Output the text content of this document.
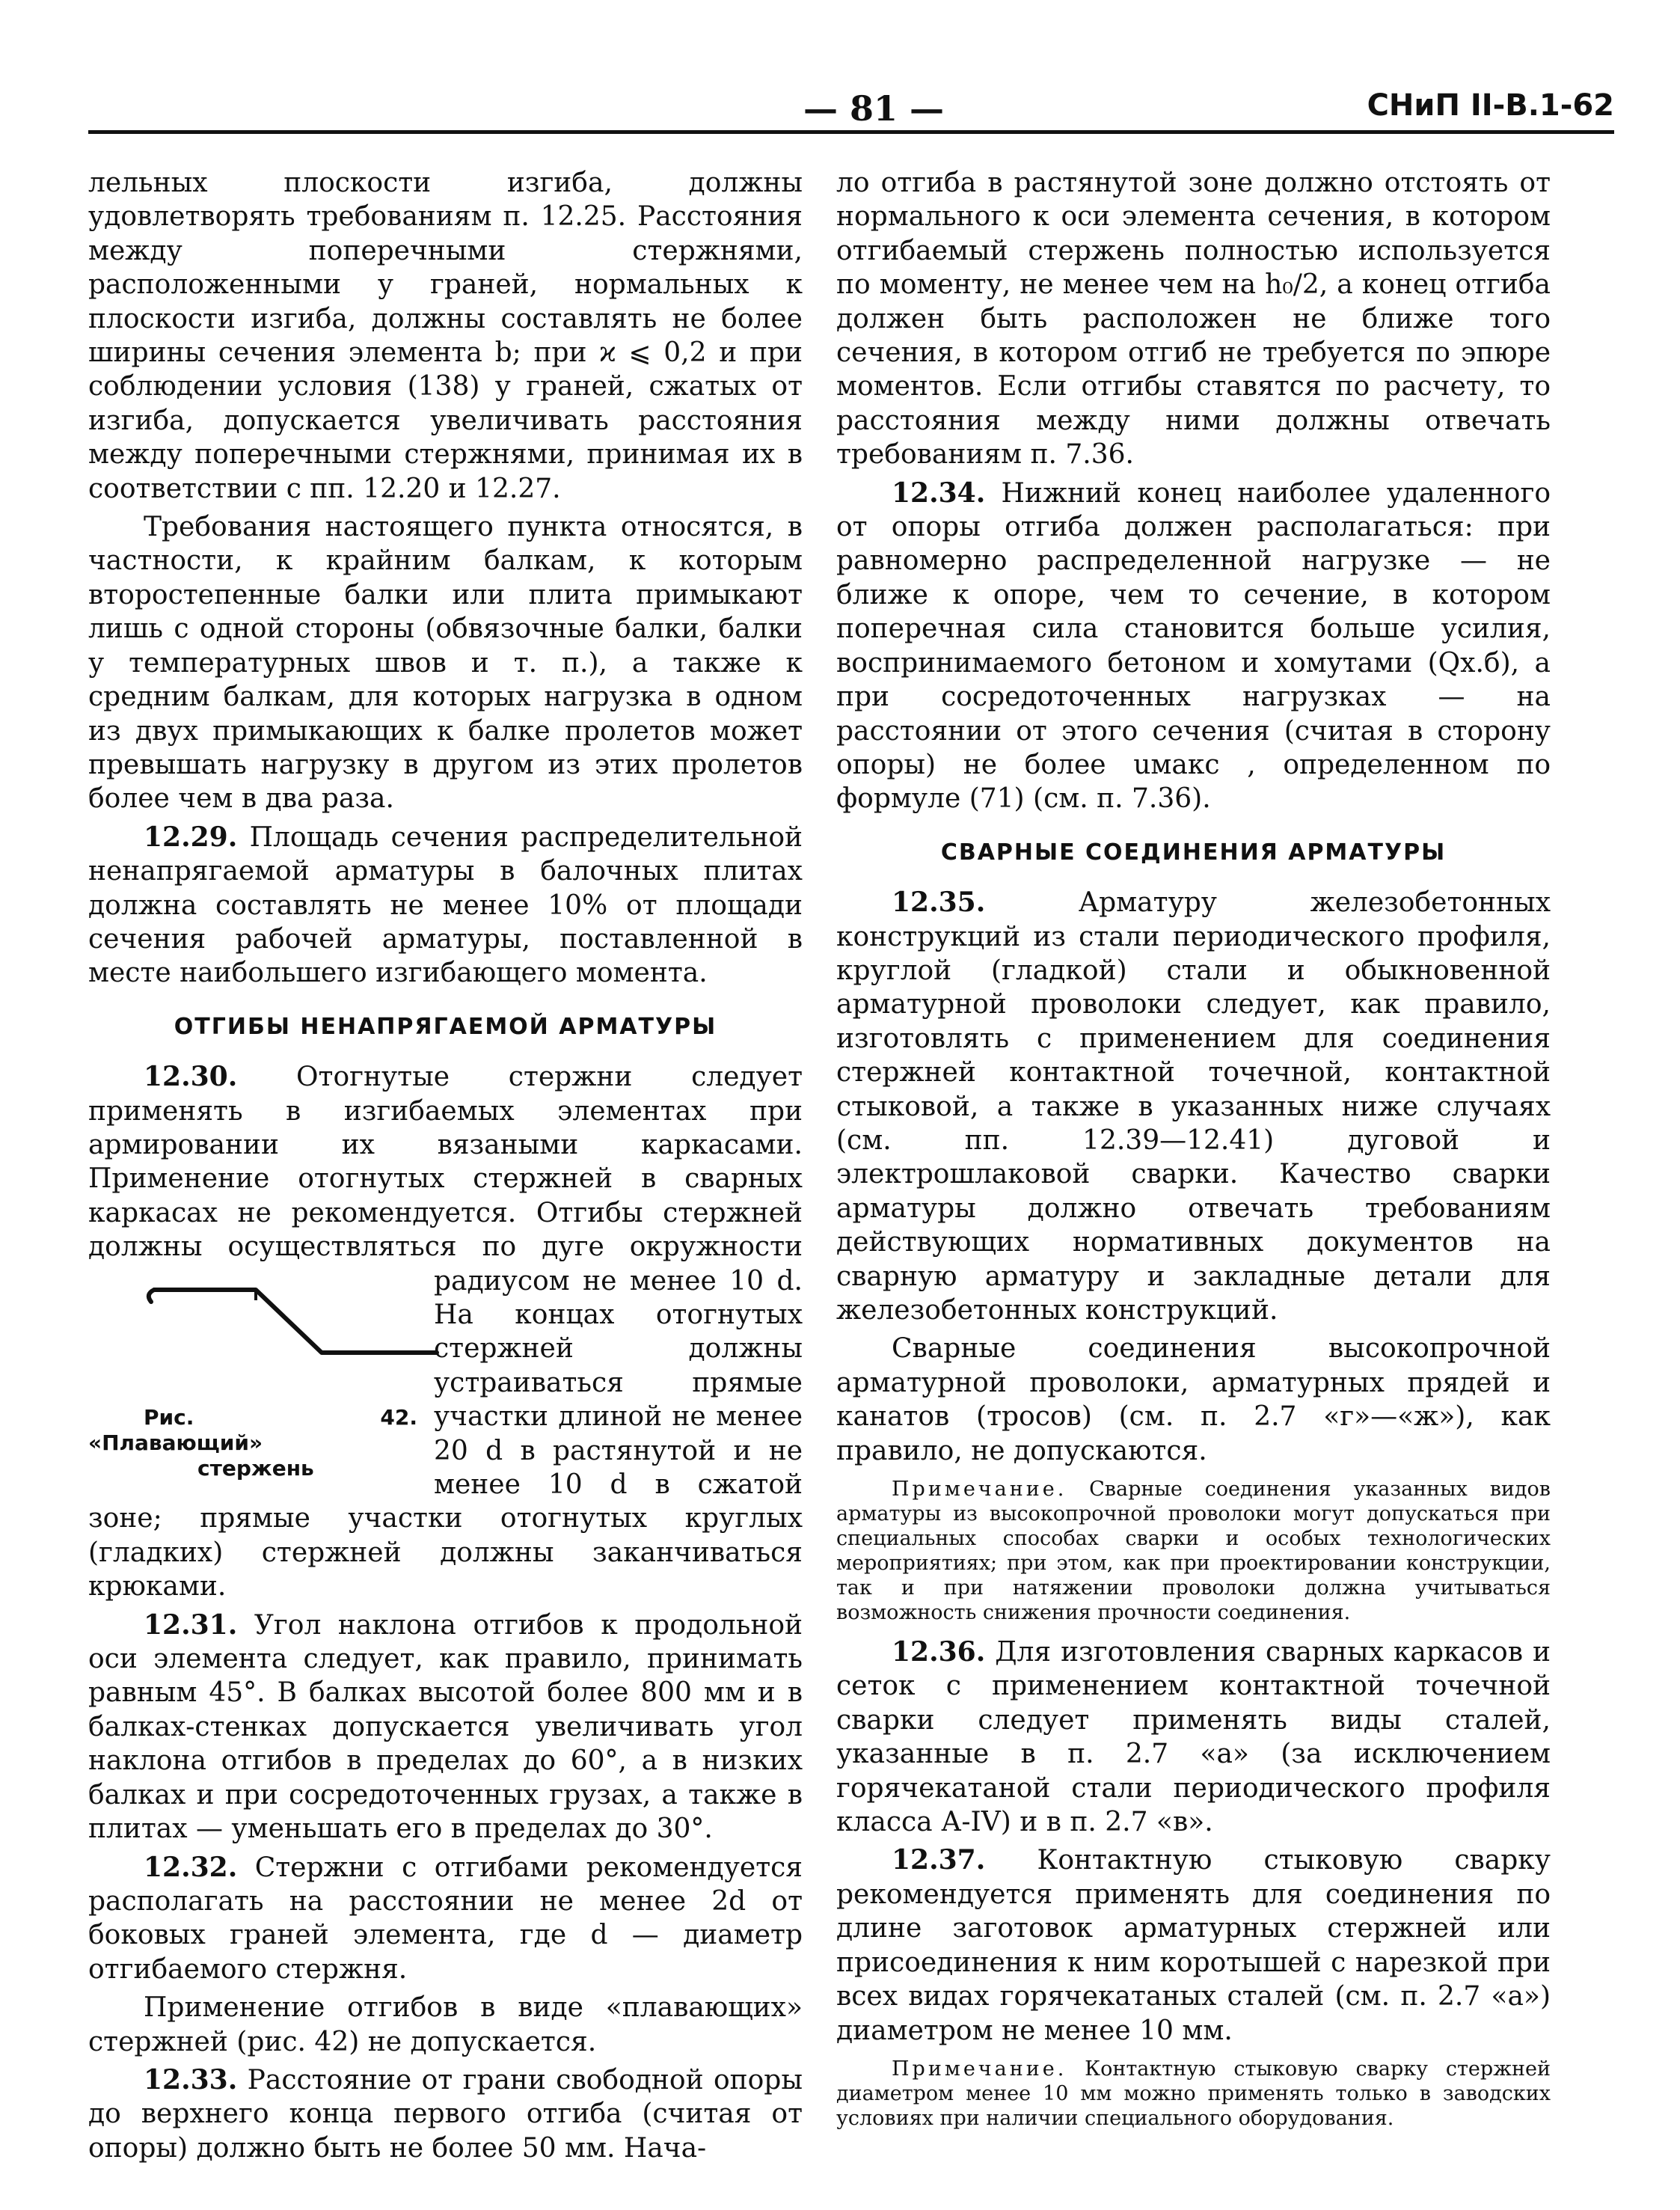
— 81 —	СНиП II-В.1-62

лельных плоскости изгиба, должны удовлетворять требованиям п. 12.25. Расстояния между поперечными стержнями, расположенными у граней, нормальных к плоскости изгиба, должны составлять не более ширины сечения элемента b; при ϰ ⩽ 0,2 и при соблюдении условия (138) у граней, сжатых от изгиба, допускается увеличивать расстояния между поперечными стержнями, принимая их в соответствии с пп. 12.20 и 12.27.

Требования настоящего пункта относятся, в частности, к крайним балкам, к которым второстепенные балки или плита примыкают лишь с одной стороны (обвязочные балки, балки у температурных швов и т. п.), а также к средним балкам, для которых нагрузка в одном из двух примыкающих к балке пролетов может превышать нагрузку в другом из этих пролетов более чем в два раза.

12.29. Площадь сечения распределительной ненапрягаемой арматуры в балочных плитах должна составлять не менее 10% от площади сечения рабочей арматуры, поставленной в месте наибольшего изгибающего момента.

ОТГИБЫ НЕНАПРЯГАЕМОЙ АРМАТУРЫ

12.30. Отогнутые стержни следует применять в изгибаемых элементах при армировании их вязаными каркасами. Применение отогнутых стержней в сварных каркасах не рекомендуется. Отгибы стержней должны осуществляться по дуге окружности радиусом не менее
Рис. 42. «Плавающий»
стержень
10 d. На концах отогнутых стержней должны устраиваться прямые участки длиной не менее 20 d в растянутой и не менее 10 d в сжатой зоне; прямые участки отогнутых круглых (гладких) стержней должны заканчиваться крюками.

12.31. Угол наклона отгибов к продольной оси элемента следует, как правило, принимать равным 45°. В балках высотой более 800 мм и в балках-стенках допускается увеличивать угол наклона отгибов в пределах до 60°, а в низких балках и при сосредоточенных грузах, а также в плитах — уменьшать его в пределах до 30°.

12.32. Стержни с отгибами рекомендуется располагать на расстоянии не менее 2d от боковых граней элемента, где d — диаметр отгибаемого стержня.

Применение отгибов в виде «плавающих» стержней (рис. 42) не допускается.

12.33. Расстояние от грани свободной опоры до верхнего конца первого отгиба (считая от опоры) должно быть не более 50 мм. Нача-

ло отгиба в растянутой зоне должно отстоять от нормального к оси элемента сечения, в котором отгибаемый стержень полностью используется по моменту, не менее чем на h₀/2, а конец отгиба должен быть расположен не ближе того сечения, в котором отгиб не требуется по эпюре моментов. Если отгибы ставятся по расчету, то расстояния между ними должны отвечать требованиям п. 7.36.

12.34. Нижний конец наиболее удаленного от опоры отгиба должен располагаться: при равномерно распределенной нагрузке — не ближе к опоре, чем то сечение, в котором поперечная сила становится больше усилия, воспринимаемого бетоном и хомутами (Qх.б), а при сосредоточенных нагрузках — на расстоянии от этого сечения (считая в сторону опоры) не более uмакс , определенном по формуле (71) (см. п. 7.36).

СВАРНЫЕ СОЕДИНЕНИЯ АРМАТУРЫ

12.35. Арматуру железобетонных конструкций из стали периодического профиля, круглой (гладкой) стали и обыкновенной арматурной проволоки следует, как правило, изготовлять с применением для соединения стержней контактной точечной, контактной стыковой, а также в указанных ниже случаях (см. пп. 12.39—12.41) дуговой и электрошлаковой сварки. Качество сварки арматуры должно отвечать требованиям действующих нормативных документов на сварную арматуру и закладные детали для железобетонных конструкций.

Сварные соединения высокопрочной арматурной проволоки, арматурных прядей и канатов (тросов) (см. п. 2.7 «г»—«ж»), как правило, не допускаются.

Примечание. Сварные соединения указанных видов арматуры из высокопрочной проволоки могут допускаться при специальных способах сварки и особых технологических мероприятиях; при этом, как при проектировании конструкции, так и при натяжении проволоки должна учитываться возможность снижения прочности соединения.

12.36. Для изготовления сварных каркасов и сеток с применением контактной точечной сварки следует применять виды сталей, указанные в п. 2.7 «а» (за исключением горячекатаной стали периодического профиля класса А-IV) и в п. 2.7 «в».

12.37. Контактную стыковую сварку рекомендуется применять для соединения по длине заготовок арматурных стержней или присоединения к ним коротышей с нарезкой при всех видах горячекатаных сталей (см. п. 2.7 «а») диаметром не менее 10 мм.

Примечание. Контактную стыковую сварку стержней диаметром менее 10 мм можно применять только в заводских условиях при наличии специального оборудования.
